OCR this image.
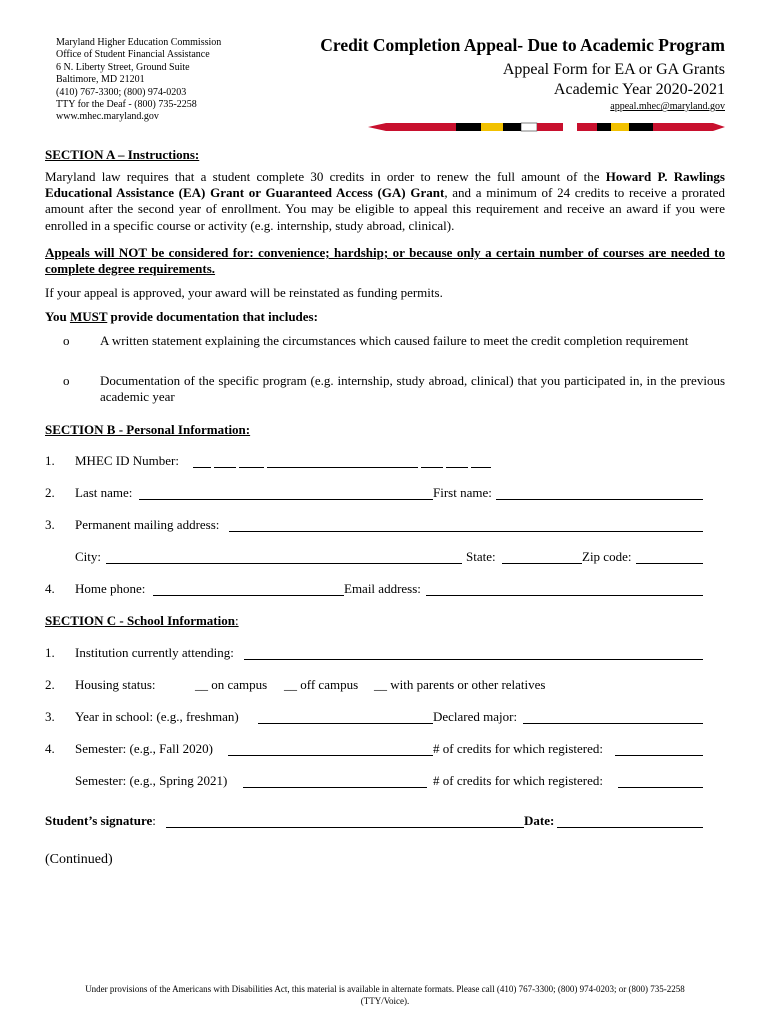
Maryland Higher Education Commission
Office of Student Financial Assistance
6 N. Liberty Street, Ground Suite
Baltimore, MD 21201
(410) 767-3300; (800) 974-0203
TTY for the Deaf - (800) 735-2258
www.mhec.maryland.gov
Credit Completion Appeal- Due to Academic Program
Appeal Form for EA or GA Grants
Academic Year 2020-2021
appeal.mhec@maryland.gov
SECTION A – Instructions:
Maryland law requires that a student complete 30 credits in order to renew the full amount of the Howard P. Rawlings Educational Assistance (EA) Grant or Guaranteed Access (GA) Grant, and a minimum of 24 credits to receive a prorated amount after the second year of enrollment. You may be eligible to appeal this requirement and receive an award if you were enrolled in a specific course or activity (e.g. internship, study abroad, clinical).
Appeals will NOT be considered for: convenience; hardship; or because only a certain number of courses are needed to complete degree requirements.
If your appeal is approved, your award will be reinstated as funding permits.
You MUST provide documentation that includes:
o A written statement explaining the circumstances which caused failure to meet the credit completion requirement
o Documentation of the specific program (e.g. internship, study abroad, clinical) that you participated in, in the previous academic year
SECTION B - Personal Information:
1. MHEC ID Number:
2. Last name:	First name:
3. Permanent mailing address:
City:	State:	Zip code:
4. Home phone:	Email address:
SECTION C - School Information:
1. Institution currently attending:
2. Housing status:	__ on campus __ off campus __ with parents or other relatives
3. Year in school: (e.g., freshman)	Declared major:
4. Semester: (e.g., Fall 2020)	# of credits for which registered:
Semester: (e.g., Spring 2021)	# of credits for which registered:
Student’s signature:	Date:
(Continued)
Under provisions of the Americans with Disabilities Act, this material is available in alternate formats. Please call (410) 767-3300; (800) 974-0203; or (800) 735-2258
(TTY/Voice).
